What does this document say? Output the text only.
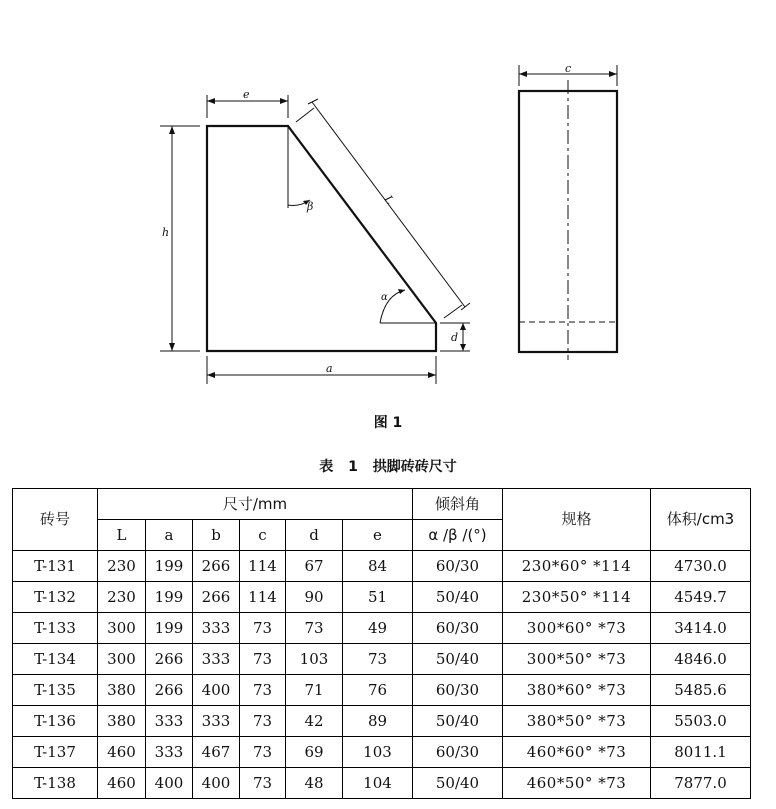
e
h
L
β
α
d
a
c
图 1
表 1 拱脚砖砖尺寸
砖号	尺寸/mm						倾斜角	规格	体积/cm3
	L	a	b	c	d	e	α /β /(°)		
T-131	230	199	266	114	67	84	60/30	230*60° *114	4730.0
T-132	230	199	266	114	90	51	50/40	230*50° *114	4549.7
T-133	300	199	333	73	73	49	60/30	300*60° *73	3414.0
T-134	300	266	333	73	103	73	50/40	300*50° *73	4846.0
T-135	380	266	400	73	71	76	60/30	380*60° *73	5485.6
T-136	380	333	333	73	42	89	50/40	380*50° *73	5503.0
T-137	460	333	467	73	69	103	60/30	460*60° *73	8011.1
T-138	460	400	400	73	48	104	50/40	460*50° *73	7877.0
